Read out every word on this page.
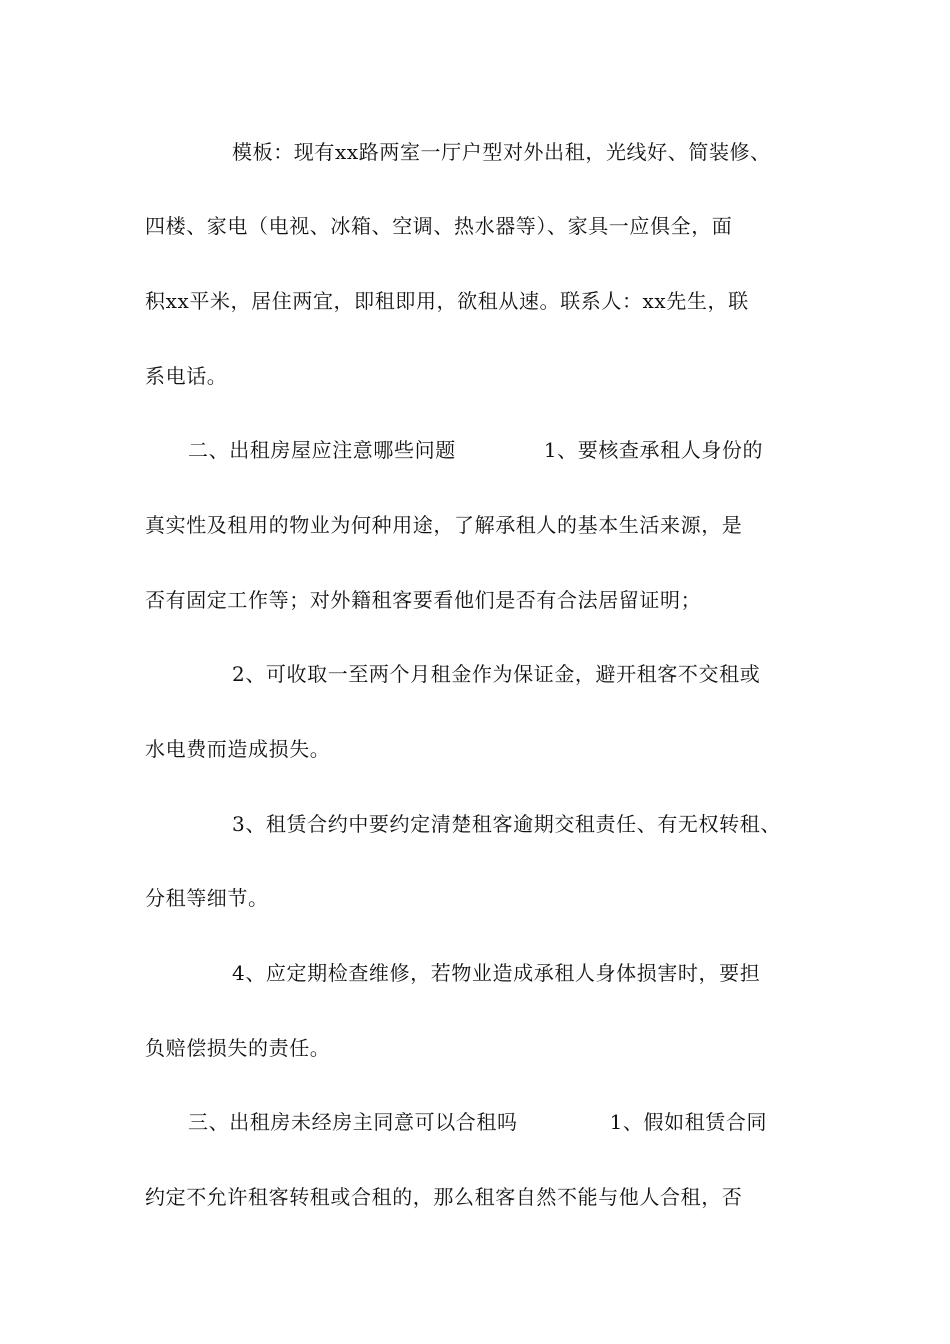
模板：现有xx路两室一厅户型对外出租，光线好、简装修、
四楼、家电（电视、冰箱、空调、热水器等）、家具一应俱全，面
积xx平米，居住两宜，即租即用，欲租从速。联系人：xx先生，联
系电话。
二、出租房屋应注意哪些问题	1、要核查承租人身份的
真实性及租用的物业为何种用途，了解承租人的基本生活来源，是
否有固定工作等；对外籍租客要看他们是否有合法居留证明；
2、可收取一至两个月租金作为保证金，避开租客不交租或
水电费而造成损失。
3、租赁合约中要约定清楚租客逾期交租责任、有无权转租、
分租等细节。
4、应定期检查维修，若物业造成承租人身体损害时，要担
负赔偿损失的责任。
三、出租房未经房主同意可以合租吗	1、假如租赁合同
约定不允许租客转租或合租的，那么租客自然不能与他人合租，否
